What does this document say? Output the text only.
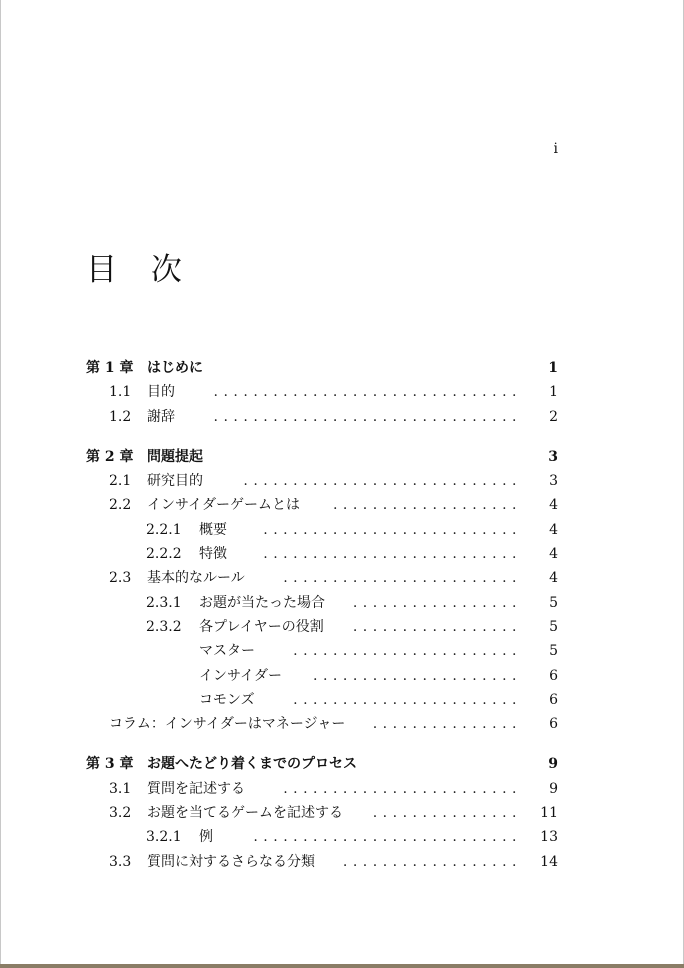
i
目 次
第 1 章 はじめに	1
1.1 目的	............................... 1
1.2 謝辞	............................... 2
第 2 章 問題提起	3
2.1 研究目的	............................ 3
2.2 インサイダーゲームとは	................... 4
2.2.1 概要	.......................... 4
2.2.2 特徴	.......................... 4
2.3 基本的なルール	........................ 4
2.3.1 お題が当たった場合	................. 5
2.3.2 各プレイヤーの役割	................. 5
マスター	....................... 5
インサイダー	..................... 6
コモンズ	....................... 6
コラム：インサイダーはマネージャー	............... 6
第 3 章 お題へたどり着くまでのプロセス	9
3.1 質問を記述する	........................ 9
3.2 お題を当てるゲームを記述する	............... 11
3.2.1 例	........................... 13
3.3 質問に対するさらなる分類	.................. 14
